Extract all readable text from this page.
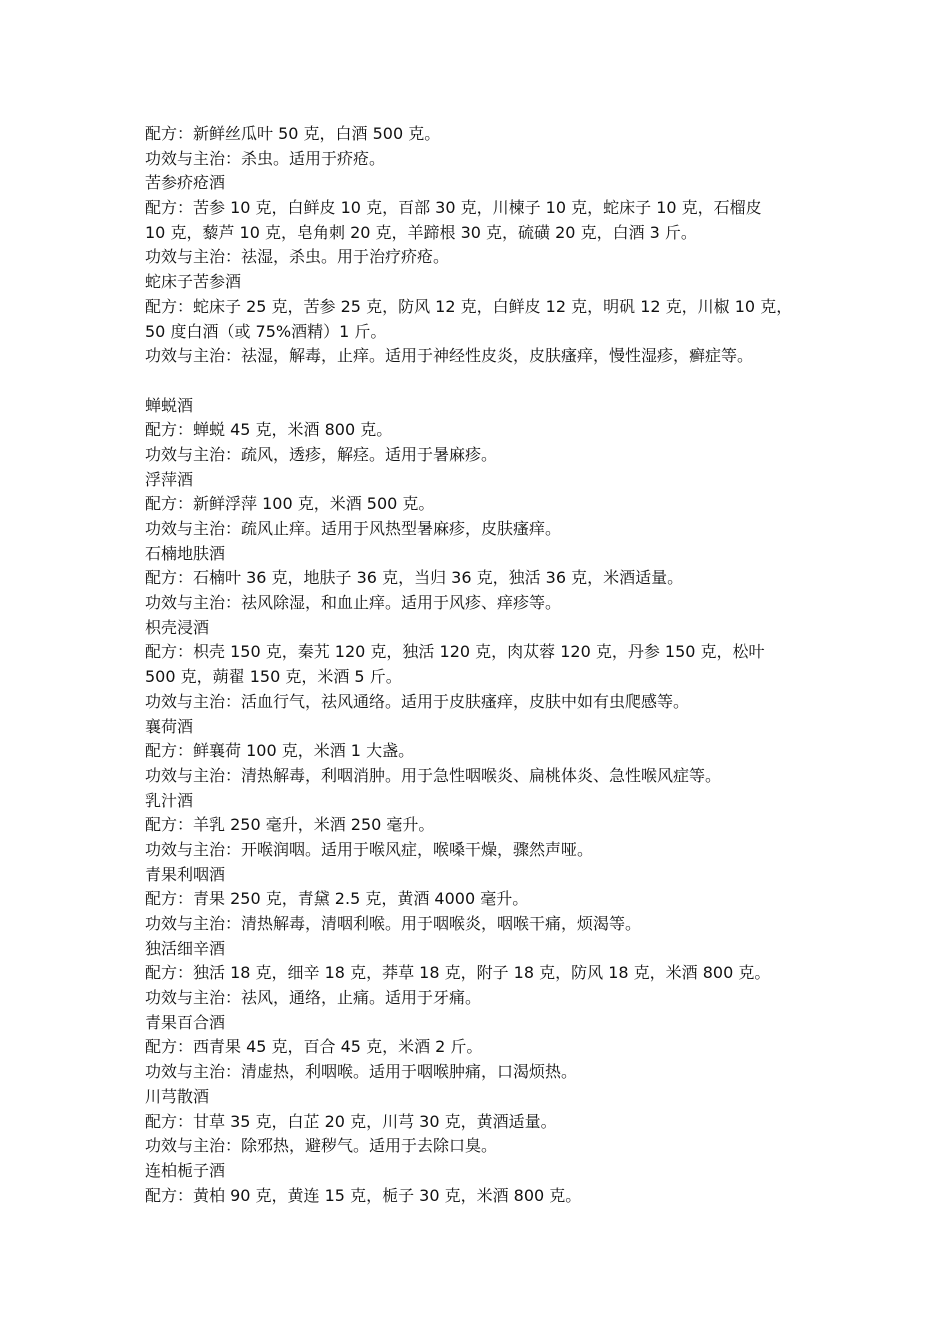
配方：新鲜丝瓜叶 50 克，白酒 500 克。
功效与主治：杀虫。适用于疥疮。
苦参疥疮酒
配方：苦参 10 克，白鲜皮 10 克，百部 30 克，川楝子 10 克，蛇床子 10 克，石榴皮
10 克，藜芦 10 克，皂角刺 20 克，羊蹄根 30 克，硫磺 20 克，白酒 3 斤。
功效与主治：祛湿，杀虫。用于治疗疥疮。
蛇床子苦参酒
配方：蛇床子 25 克，苦参 25 克，防风 12 克，白鲜皮 12 克，明矾 12 克，川椒 10 克，
50 度白酒（或 75%酒精）1 斤。
功效与主治：祛湿，解毒，止痒。适用于神经性皮炎，皮肤瘙痒，慢性湿疹，癣症等。
蝉蜕酒
配方：蝉蜕 45 克，米酒 800 克。
功效与主治：疏风，透疹，解痉。适用于暑麻疹。
浮萍酒
配方：新鲜浮萍 100 克，米酒 500 克。
功效与主治：疏风止痒。适用于风热型暑麻疹，皮肤瘙痒。
石楠地肤酒
配方：石楠叶 36 克，地肤子 36 克，当归 36 克，独活 36 克，米酒适量。
功效与主治：祛风除湿，和血止痒。适用于风疹、痒疹等。
枳壳浸酒
配方：枳壳 150 克，秦艽 120 克，独活 120 克，肉苁蓉 120 克，丹参 150 克，松叶
500 克，蒴翟 150 克，米酒 5 斤。
功效与主治：活血行气，祛风通络。适用于皮肤瘙痒，皮肤中如有虫爬感等。
襄荷酒
配方：鲜襄荷 100 克，米酒 1 大盏。
功效与主治：清热解毒，利咽消肿。用于急性咽喉炎、扁桃体炎、急性喉风症等。
乳汁酒
配方：羊乳 250 毫升，米酒 250 毫升。
功效与主治：开喉润咽。适用于喉风症，喉嗓干燥，骤然声哑。
青果利咽酒
配方：青果 250 克，青黛 2.5 克，黄酒 4000 毫升。
功效与主治：清热解毒，清咽利喉。用于咽喉炎，咽喉干痛，烦渴等。
独活细辛酒
配方：独活 18 克，细辛 18 克，莽草 18 克，附子 18 克，防风 18 克，米酒 800 克。
功效与主治：祛风，通络，止痛。适用于牙痛。
青果百合酒
配方：西青果 45 克，百合 45 克，米酒 2 斤。
功效与主治：清虚热，利咽喉。适用于咽喉肿痛，口渴烦热。
川芎散酒
配方：甘草 35 克，白芷 20 克，川芎 30 克，黄酒适量。
功效与主治：除邪热，避秽气。适用于去除口臭。
连柏栀子酒
配方：黄柏 90 克，黄连 15 克，栀子 30 克，米酒 800 克。
